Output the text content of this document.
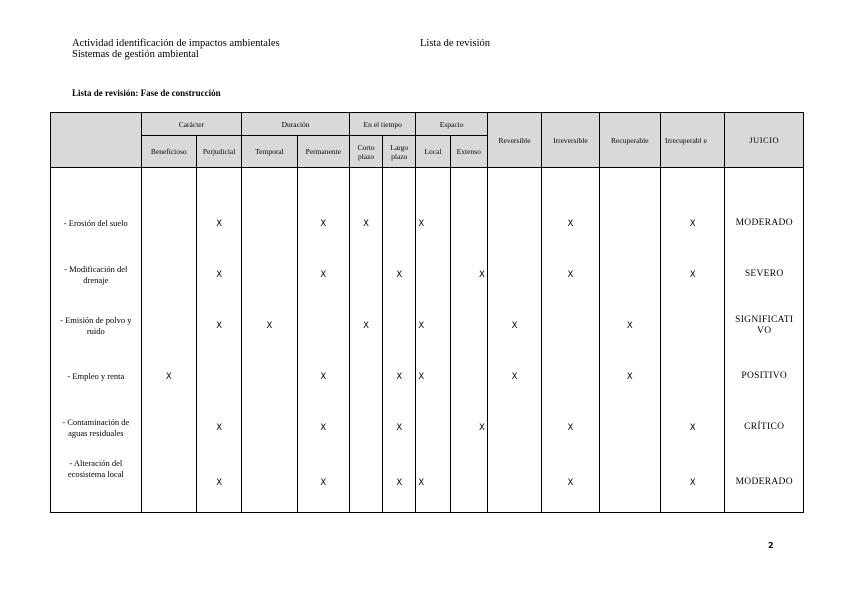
Actividad identificación de impactos ambientales
Sistemas de gestión ambiental
Lista de revisión
Lista de revisión: Fase de construcción
	Carácter		Duración		En el tiempo		Espacio		Reversible	Irreversible	Recuperable	Irrecuperabl e	JUICIO
	Beneficioso	Perjudicial	Temporal	Permanente	Corto plazo	Largo plazo	Local	Extenso					

- Erosión del suelo		X		X	X		X			X		X	MODERADO
- Modificación del drenaje		X		X		X		X		X		X	SEVERO
- Emisión de polvo y ruido		X	X		X		X		X		X		SIGNIFICATI VO
- Empleo y renta	X			X		X	X		X		X		POSITIVO
- Contaminación de aguas residuales		X		X		X		X		X		X	CRÍTICO
- Alteración del ecosistema local		X		X		X	X			X		X	MODERADO
2
